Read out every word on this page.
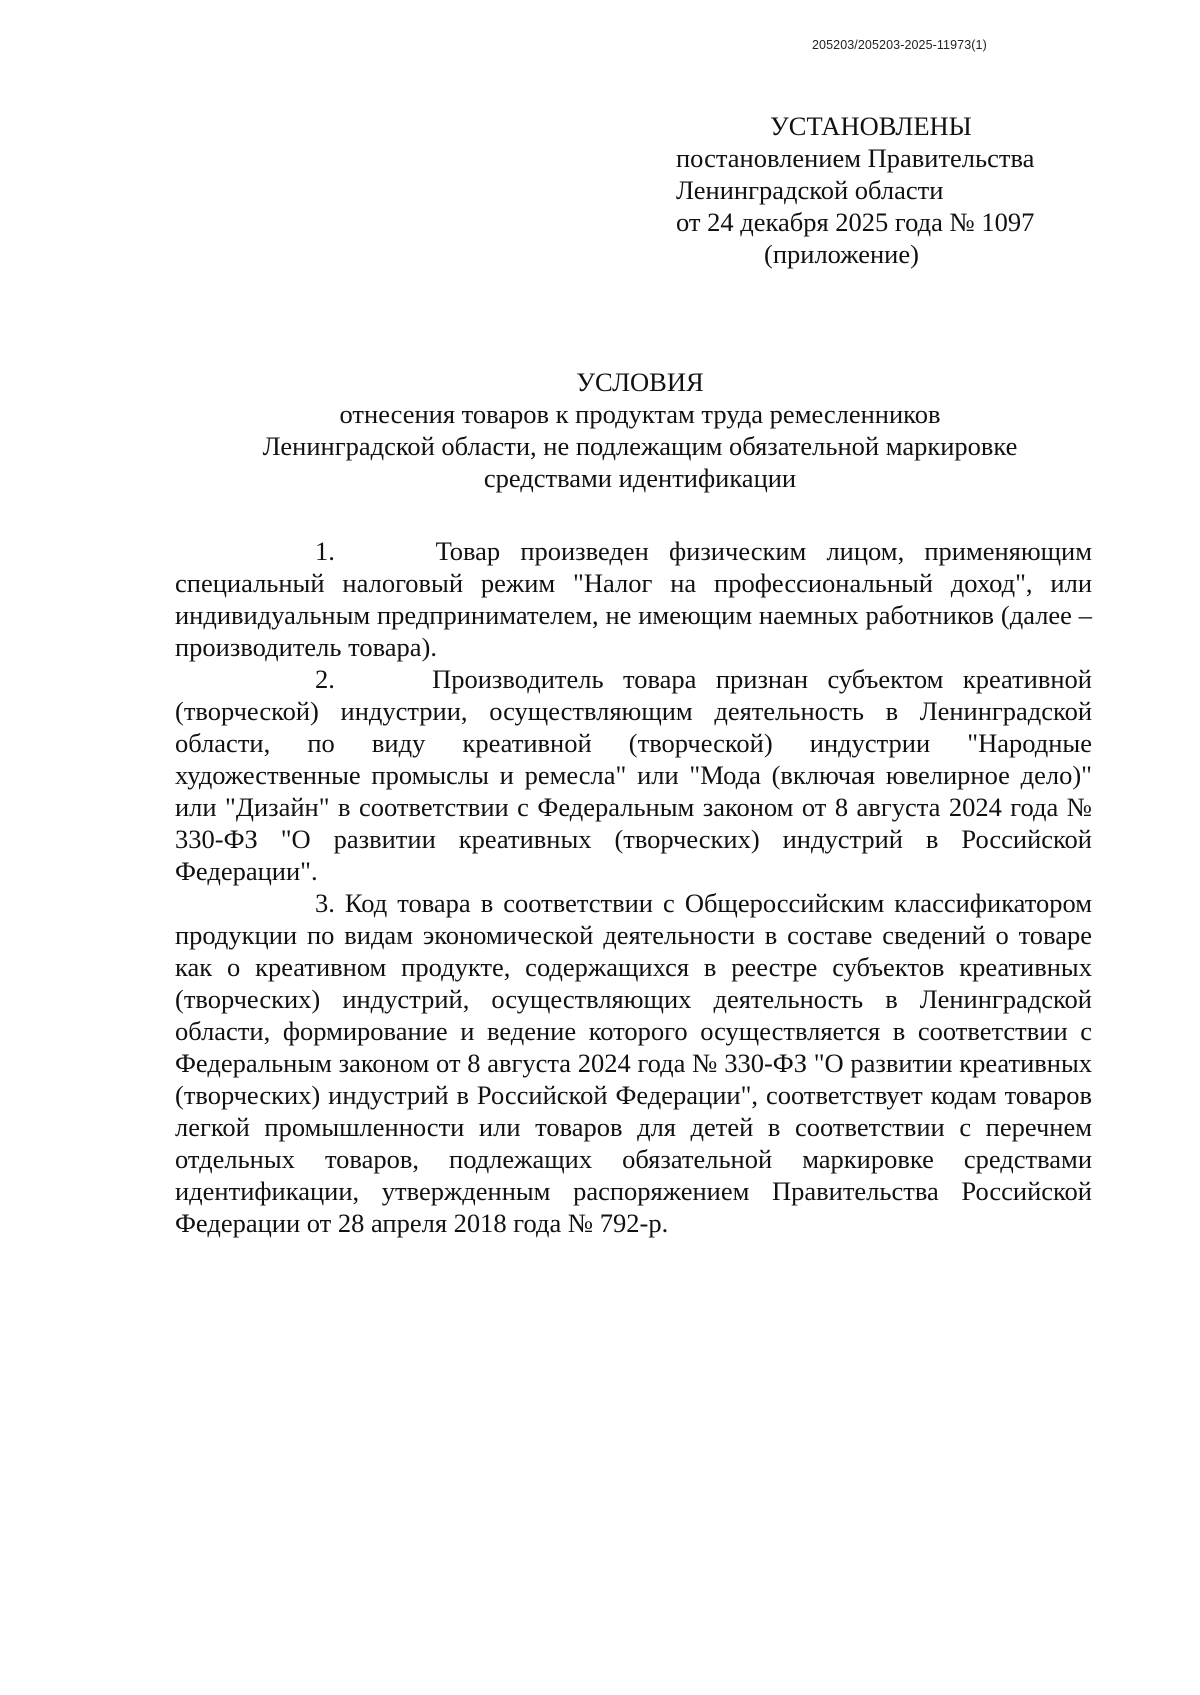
205203/205203-2025-11973(1)
УСТАНОВЛЕНЫ
постановлением Правительства
Ленинградской области
от 24 декабря 2025 года № 1097
(приложение)
УСЛОВИЯ
отнесения товаров к продуктам труда ремесленников
Ленинградской области, не подлежащим обязательной маркировке
средствами идентификации

1.	Товар произведен физическим лицом, применяющим специальный налоговый режим "Налог на профессиональный доход", или индивидуальным предпринимателем, не имеющим наемных работников (далее – производитель товара).

2.	Производитель товара признан субъектом креативной (творческой) индустрии, осуществляющим деятельность в Ленинградской области, по виду креативной (творческой) индустрии "Народные художественные промыслы и ремесла" или "Мода (включая ювелирное дело)" или "Дизайн" в соответствии с Федеральным законом от 8 августа 2024 года № 330-ФЗ "О развитии креативных (творческих) индустрий в Российской Федерации".

3. Код товара в соответствии с Общероссийским классификатором продукции по видам экономической деятельности в составе сведений о товаре как о креативном продукте, содержащихся в реестре субъектов креативных (творческих) индустрий, осуществляющих деятельность в Ленинградской области, формирование и ведение которого осуществляется в соответствии с Федеральным законом от 8 августа 2024 года № 330-ФЗ "О развитии креативных (творческих) индустрий в Российской Федерации", соответствует кодам товаров легкой промышленности или товаров для детей в соответствии с перечнем отдельных товаров, подлежащих обязательной маркировке средствами идентификации, утвержденным распоряжением Правительства Российской Федерации от 28 апреля 2018 года № 792-р.
